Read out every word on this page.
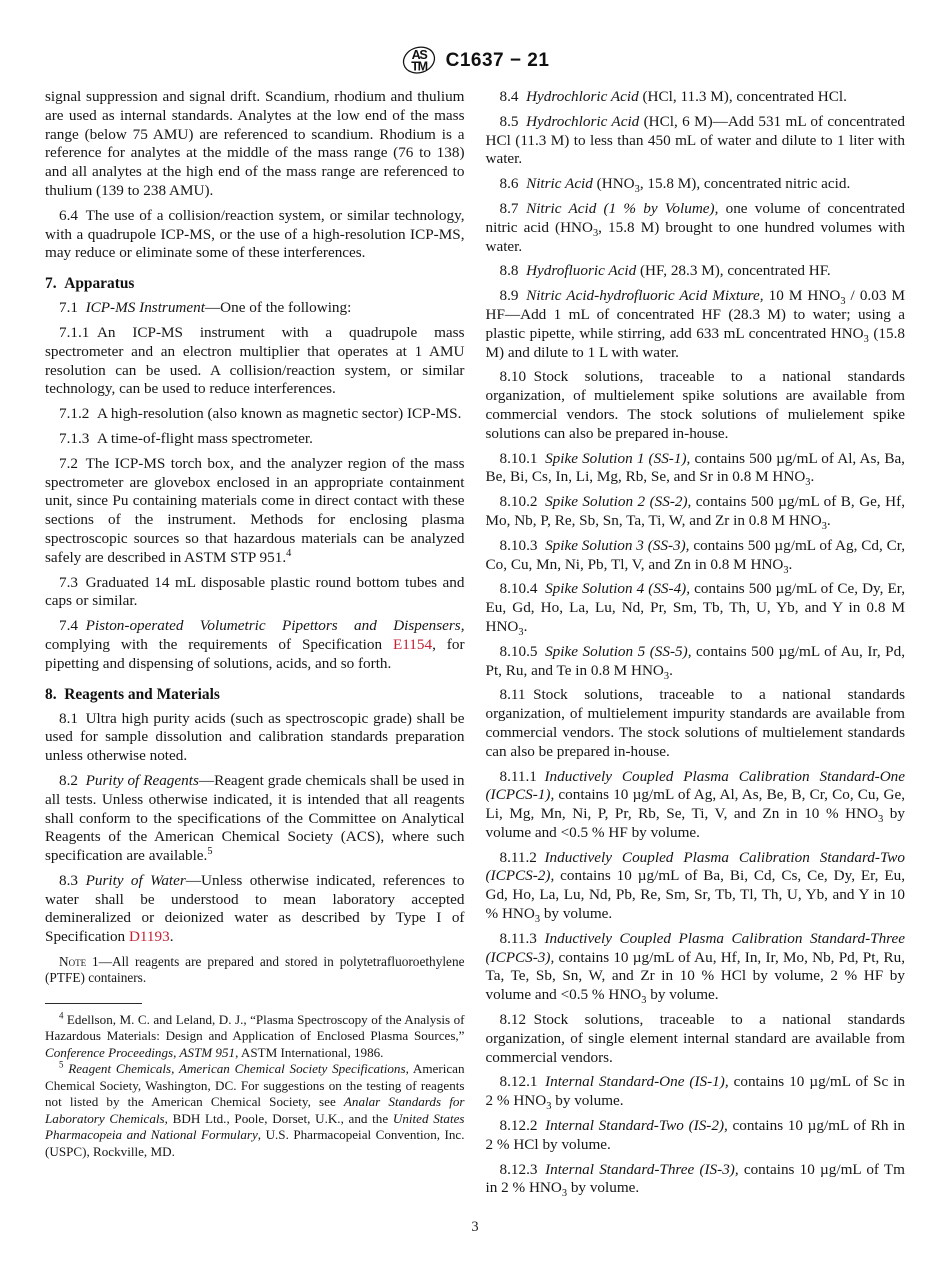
AS
TM C1637 − 21

signal suppression and signal drift. Scandium, rhodium and thulium are used as internal standards. Analytes at the low end of the mass range (below 75 AMU) are referenced to scandium. Rhodium is a reference for analytes at the middle of the mass range (76 to 138) and all analytes at the high end of the mass range are referenced to thulium (139 to 238 AMU).

6.4 The use of a collision/reaction system, or similar technology, with a quadrupole ICP-MS, or the use of a high-resolution ICP-MS, may reduce or eliminate some of these interferences.

7. Apparatus

7.1 ICP-MS Instrument—One of the following:

7.1.1 An ICP-MS instrument with a quadrupole mass spectrometer and an electron multiplier that operates at 1 AMU resolution can be used. A collision/reaction system, or similar technology, can be used to reduce interferences.

7.1.2 A high-resolution (also known as magnetic sector) ICP-MS.

7.1.3 A time-of-flight mass spectrometer.

7.2 The ICP-MS torch box, and the analyzer region of the mass spectrometer are glovebox enclosed in an appropriate containment unit, since Pu containing materials come in direct contact with these sections of the instrument. Methods for enclosing plasma spectroscopic sources so that hazardous materials can be analyzed safely are described in ASTM STP 951.$^4$

7.3 Graduated 14 mL disposable plastic round bottom tubes and caps or similar.

7.4 Piston-operated Volumetric Pipettors and Dispensers, complying with the requirements of Specification E1154, for pipetting and dispensing of solutions, acids, and so forth.

8. Reagents and Materials

8.1 Ultra high purity acids (such as spectroscopic grade) shall be used for sample dissolution and calibration standards preparation unless otherwise noted.

8.2 Purity of Reagents—Reagent grade chemicals shall be used in all tests. Unless otherwise indicated, it is intended that all reagents shall conform to the specifications of the Committee on Analytical Reagents of the American Chemical Society (ACS), where such specification are available.$^5$

8.3 Purity of Water—Unless otherwise indicated, references to water shall be understood to mean laboratory accepted demineralized or deionized water as described by Type I of Specification D1193.

Note 1—All reagents are prepared and stored in polytetrafluoroethylene (PTFE) containers.

$^4$ Edellson, M. C. and Leland, D. J., “Plasma Spectroscopy of the Analysis of Hazardous Materials: Design and Application of Enclosed Plasma Sources,” Conference Proceedings, ASTM 951, ASTM International, 1986.

$^5$ Reagent Chemicals, American Chemical Society Specifications, American Chemical Society, Washington, DC. For suggestions on the testing of reagents not listed by the American Chemical Society, see Analar Standards for Laboratory Chemicals, BDH Ltd., Poole, Dorset, U.K., and the United States Pharmacopeia and National Formulary, U.S. Pharmacopeial Convention, Inc. (USPC), Rockville, MD.

8.4 Hydrochloric Acid (HCl, 11.3 M), concentrated HCl.

8.5 Hydrochloric Acid (HCl, 6 M)—Add 531 mL of concentrated HCl (11.3 M) to less than 450 mL of water and dilute to 1 liter with water.

8.6 Nitric Acid ($HNO_3$, 15.8 M), concentrated nitric acid.

8.7 Nitric Acid (1 % by Volume), one volume of concentrated nitric acid ($HNO_3$, 15.8 M) brought to one hundred volumes with water.

8.8 Hydrofluoric Acid (HF, 28.3 M), concentrated HF.

8.9 Nitric Acid-hydrofluoric Acid Mixture, 10 M $HNO_3 / 0.03$ M HF—Add 1 mL of concentrated HF (28.3 M) to water; using a plastic pipette, while stirring, add 633 mL concentrated $HNO_3$ (15.8 M) and dilute to 1 L with water.

8.10 Stock solutions, traceable to a national standards organization, of multielement spike solutions are available from commercial vendors. The stock solutions of mulielement spike solutions can also be prepared in-house.

8.10.1 Spike Solution 1 (SS-1), contains 500 µg/mL of Al, As, Ba, Be, Bi, Cs, In, Li, Mg, Rb, Se, and Sr in 0.8 M $HNO_3$.

8.10.2 Spike Solution 2 (SS-2), contains 500 µg/mL of B, Ge, Hf, Mo, Nb, P, Re, Sb, Sn, Ta, Ti, W, and Zr in 0.8 M $HNO_3$.

8.10.3 Spike Solution 3 (SS-3), contains 500 µg/mL of Ag, Cd, Cr, Co, Cu, Mn, Ni, Pb, Tl, V, and Zn in 0.8 M $HNO_3$.

8.10.4 Spike Solution 4 (SS-4), contains 500 µg/mL of Ce, Dy, Er, Eu, Gd, Ho, La, Lu, Nd, Pr, Sm, Tb, Th, U, Yb, and Y in 0.8 M $HNO_3$.

8.10.5 Spike Solution 5 (SS-5), contains 500 µg/mL of Au, Ir, Pd, Pt, Ru, and Te in 0.8 M $HNO_3$.

8.11 Stock solutions, traceable to a national standards organization, of multielement impurity standards are available from commercial vendors. The stock solutions of multielement standards can also be prepared in-house.

8.11.1 Inductively Coupled Plasma Calibration Standard-One (ICPCS-1), contains 10 µg/mL of Ag, Al, As, Be, B, Cr, Co, Cu, Ge, Li, Mg, Mn, Ni, P, Pr, Rb, Se, Ti, V, and Zn in 10 % $HNO_3$ by volume and <0.5 % HF by volume.

8.11.2 Inductively Coupled Plasma Calibration Standard-Two (ICPCS-2), contains 10 µg/mL of Ba, Bi, Cd, Cs, Ce, Dy, Er, Eu, Gd, Ho, La, Lu, Nd, Pb, Re, Sm, Sr, Tb, Tl, Th, U, Yb, and Y in 10 % $HNO_3$ by volume.

8.11.3 Inductively Coupled Plasma Calibration Standard-Three (ICPCS-3), contains 10 µg/mL of Au, Hf, In, Ir, Mo, Nb, Pd, Pt, Ru, Ta, Te, Sb, Sn, W, and Zr in 10 % HCl by volume, 2 % HF by volume and <0.5 % $HNO_3$ by volume.

8.12 Stock solutions, traceable to a national standards organization, of single element internal standard are available from commercial vendors.

8.12.1 Internal Standard-One (IS-1), contains 10 µg/mL of Sc in 2 % $HNO_3$ by volume.

8.12.2 Internal Standard-Two (IS-2), contains 10 µg/mL of Rh in 2 % HCl by volume.

8.12.3 Internal Standard-Three (IS-3), contains 10 µg/mL of Tm in 2 % $HNO_3$ by volume.

3
